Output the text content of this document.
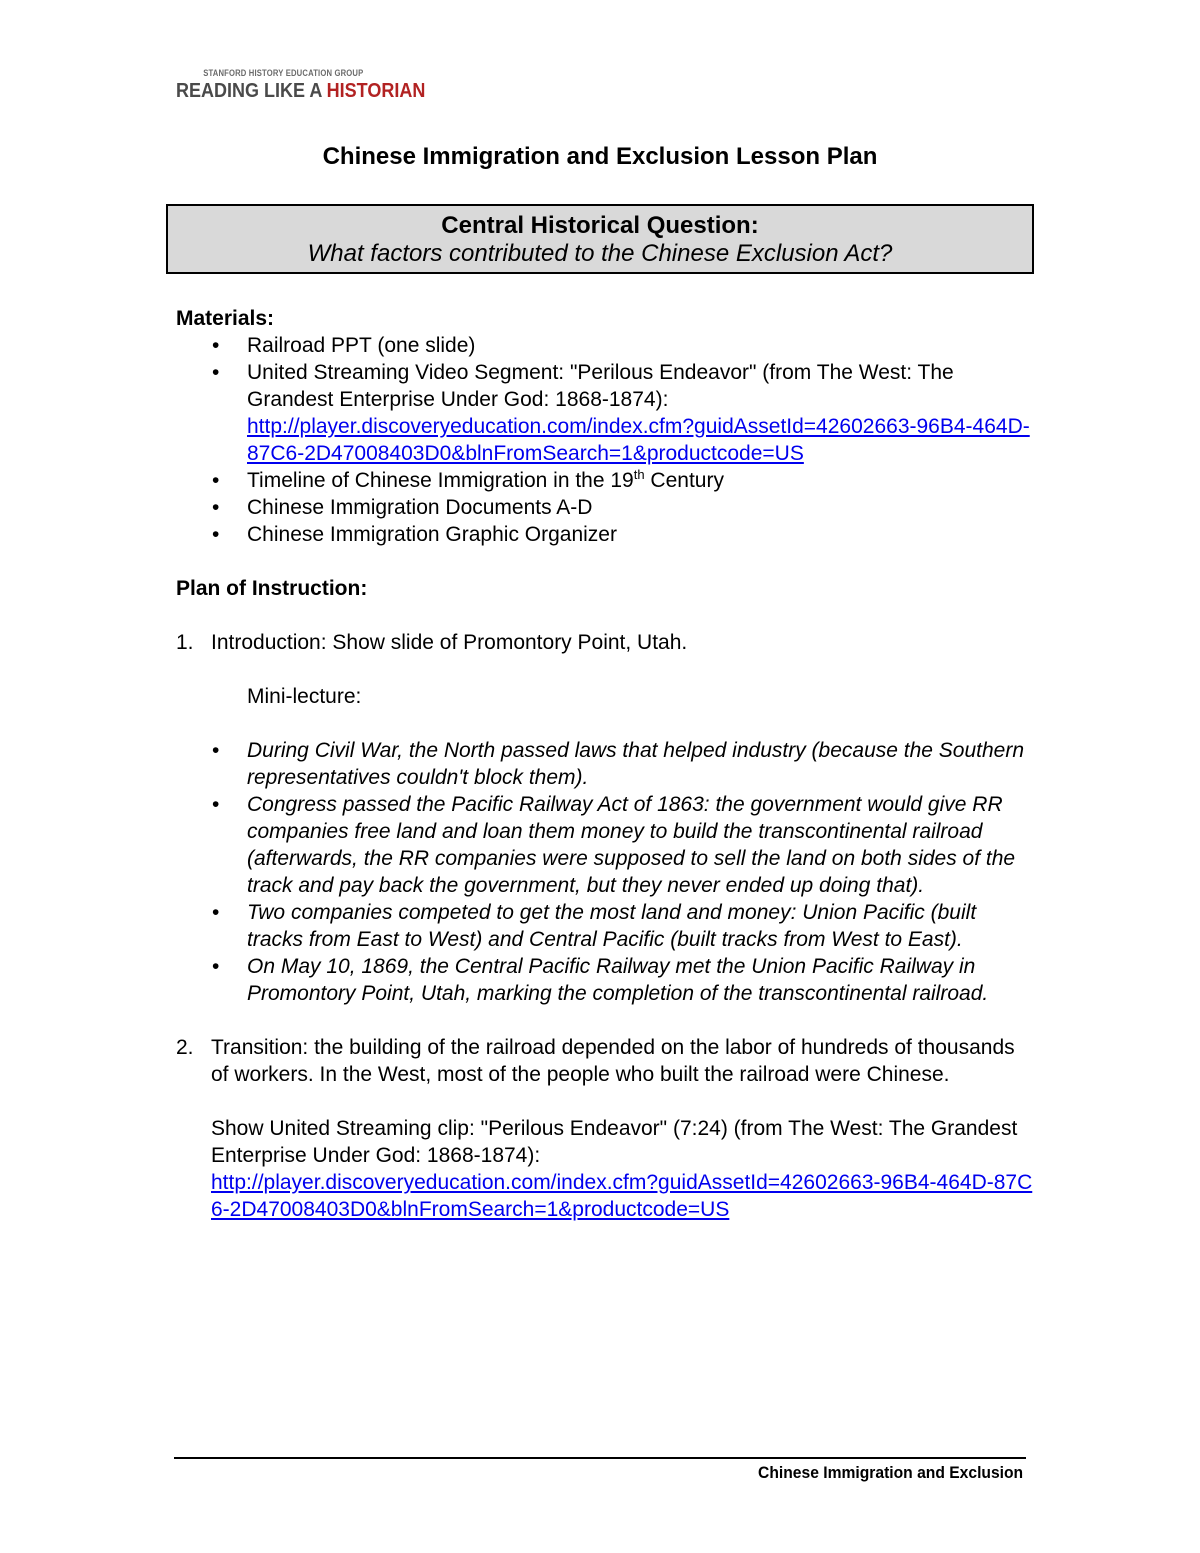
STANFORD HISTORY EDUCATION GROUP
READING LIKE A HISTORIAN
Chinese Immigration and Exclusion Lesson Plan
Central Historical Question:
What factors contributed to the Chinese Exclusion Act?

Materials:

• Railroad PPT (one slide)
• United Streaming Video Segment: "Perilous Endeavor" (from The West: The Grandest Enterprise Under God: 1868-1874):
http://player.discoveryeducation.com/index.cfm?guidAssetId=42602663-96B4-464D-87C6-2D47008403D0&blnFromSearch=1&productcode=US
• Timeline of Chinese Immigration in the 19th Century
• Chinese Immigration Documents A-D
• Chinese Immigration Graphic Organizer

Plan of Instruction:

1. Introduction: Show slide of Promontory Point, Utah.
Mini-lecture:
• During Civil War, the North passed laws that helped industry (because the Southern representatives couldn't block them).
• Congress passed the Pacific Railway Act of 1863: the government would give RR companies free land and loan them money to build the transcontinental railroad (afterwards, the RR companies were supposed to sell the land on both sides of the track and pay back the government, but they never ended up doing that).
• Two companies competed to get the most land and money: Union Pacific (built tracks from East to West) and Central Pacific (built tracks from West to East).
• On May 10, 1869, the Central Pacific Railway met the Union Pacific Railway in Promontory Point, Utah, marking the completion of the transcontinental railroad.
2. Transition: the building of the railroad depended on the labor of hundreds of thousands of workers. In the West, most of the people who built the railroad were Chinese.
Show United Streaming clip: "Perilous Endeavor" (7:24) (from The West: The Grandest Enterprise Under God: 1868-1874):
http://player.discoveryeducation.com/index.cfm?guidAssetId=42602663-96B4-464D-87C6-2D47008403D0&blnFromSearch=1&productcode=US
Chinese Immigration and Exclusion
